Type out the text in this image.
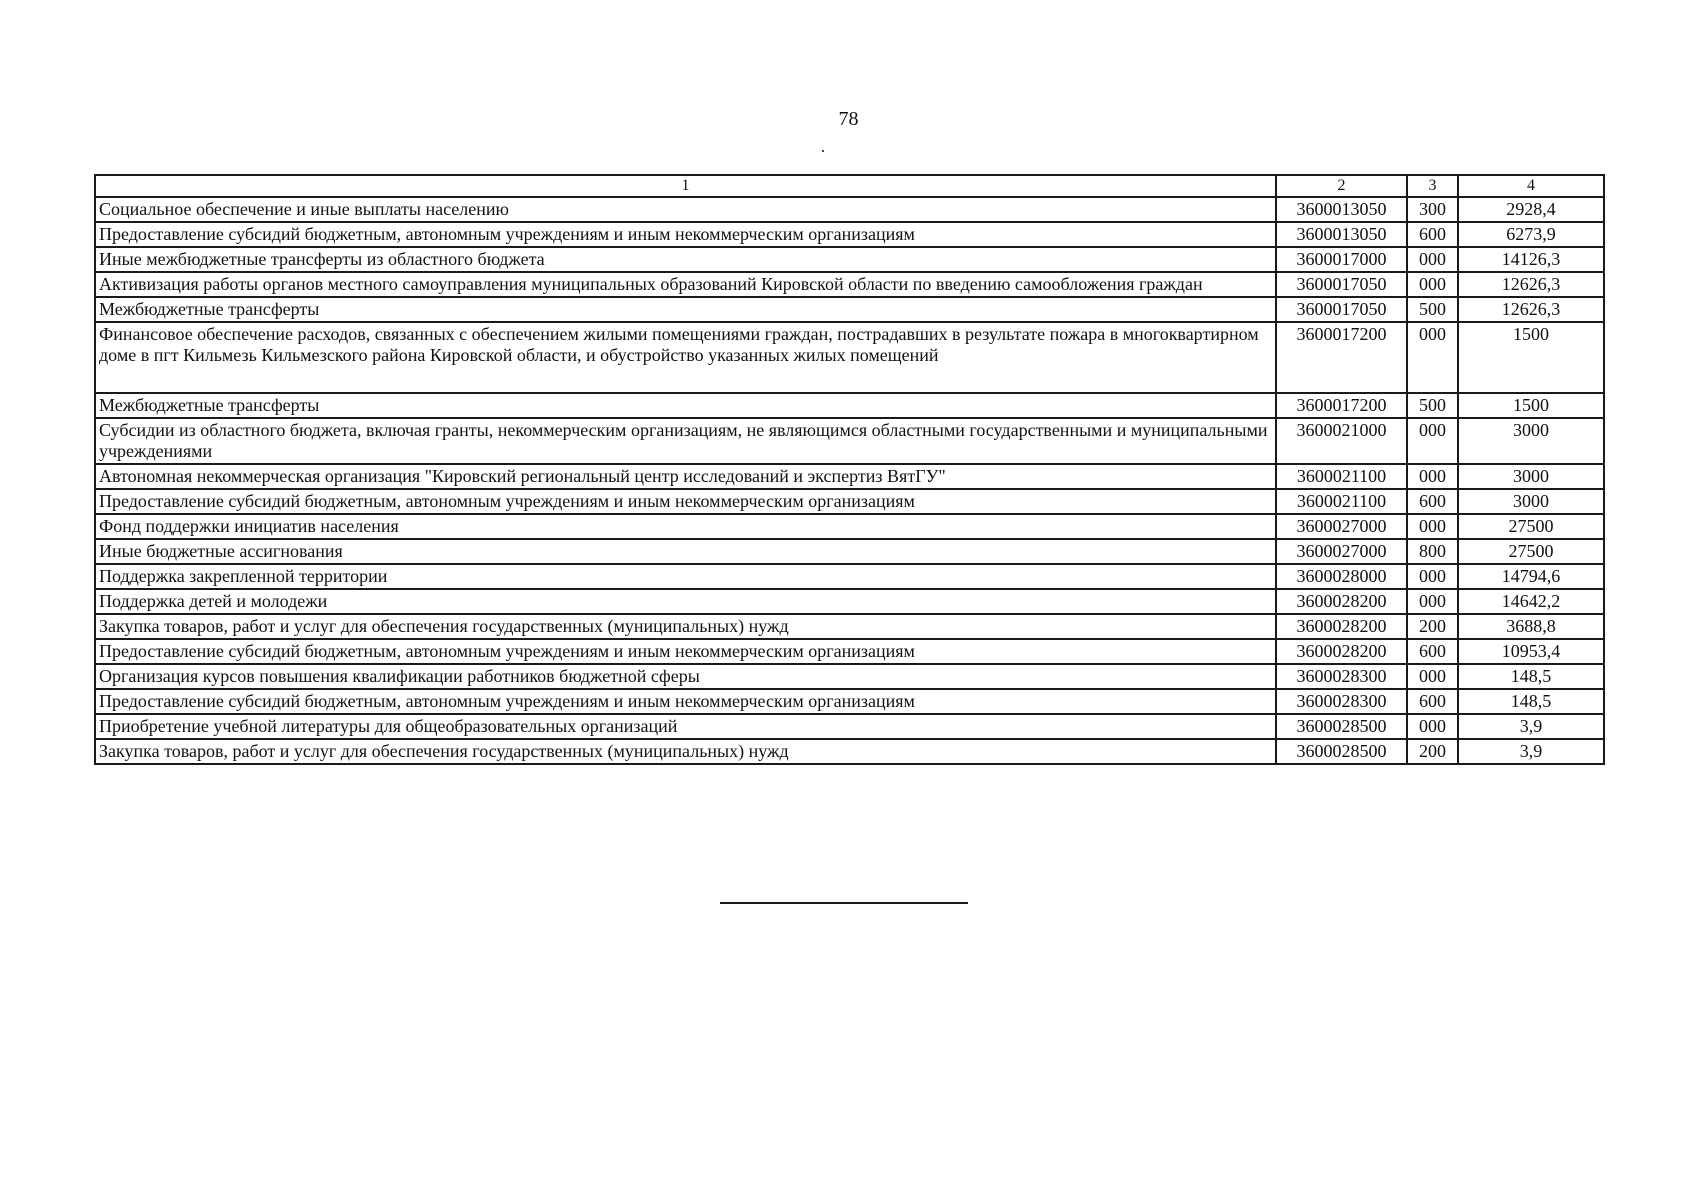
78
1	2	3	4
Социальное обеспечение и иные выплаты населению	3600013050	300	2928,4
Предоставление субсидий бюджетным, автономным учреждениям и иным некоммерческим организациям	3600013050	600	6273,9
Иные межбюджетные трансферты из областного бюджета	3600017000	000	14126,3
Активизация работы органов местного самоуправления муниципальных образований Кировской области по введению самообложения граждан	3600017050	000	12626,3
Межбюджетные трансферты	3600017050	500	12626,3
Финансовое обеспечение расходов, связанных с обеспечением жилыми помещениями граждан, пострадавших в результате пожара в многоквартирном доме в пгт Кильмезь Кильмезского района Кировской области, и обустройство указанных жилых помещений	3600017200	000	1500
Межбюджетные трансферты	3600017200	500	1500
Субсидии из областного бюджета, включая гранты, некоммерческим организациям, не являющимся областными государственными и муниципальными учреждениями	3600021000	000	3000
Автономная некоммерческая организация "Кировский региональный центр исследований и экспертиз ВятГУ"	3600021100	000	3000
Предоставление субсидий бюджетным, автономным учреждениям и иным некоммерческим организациям	3600021100	600	3000
Фонд поддержки инициатив населения	3600027000	000	27500
Иные бюджетные ассигнования	3600027000	800	27500
Поддержка закрепленной территории	3600028000	000	14794,6
Поддержка детей и молодежи	3600028200	000	14642,2
Закупка товаров, работ и услуг для обеспечения государственных (муниципальных) нужд	3600028200	200	3688,8
Предоставление субсидий бюджетным, автономным учреждениям и иным некоммерческим организациям	3600028200	600	10953,4
Организация курсов повышения квалификации работников бюджетной сферы	3600028300	000	148,5
Предоставление субсидий бюджетным, автономным учреждениям и иным некоммерческим организациям	3600028300	600	148,5
Приобретение учебной литературы для общеобразовательных организаций	3600028500	000	3,9
Закупка товаров, работ и услуг для обеспечения государственных (муниципальных) нужд	3600028500	200	3,9
